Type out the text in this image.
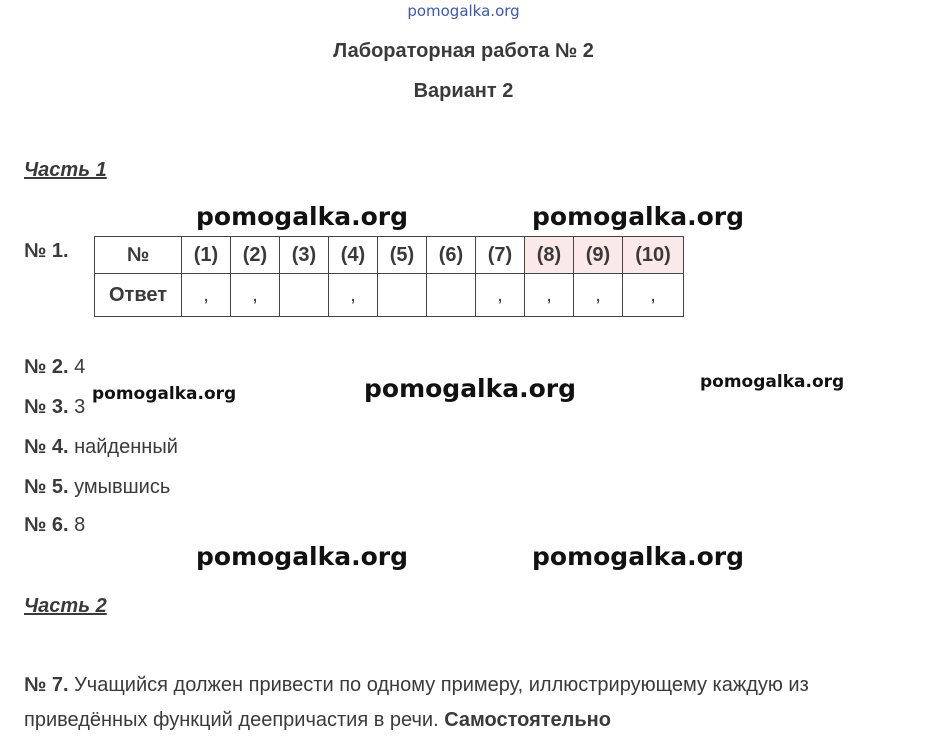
pomogalka.org
Лабораторная работа № 2
Вариант 2
Часть 1
pomogalka.org	pomogalka.org
№ 1.	№	(1)	(2)	(3)	(4)	(5)	(6)	(7)	(8)	(9)	(10)
Ответ	,	,		,			,	,	,	,
№ 2. 4
№ 3. 3
№ 4. найденный
№ 5. умывшись
№ 6. 8
pomogalka.org	pomogalka.org	pomogalka.org
pomogalka.org	pomogalka.org
Часть 2
№ 7. Учащийся должен привести по одному примеру, иллюстрирующему каждую из приведённых функций деепричастия в речи. Самостоятельно
